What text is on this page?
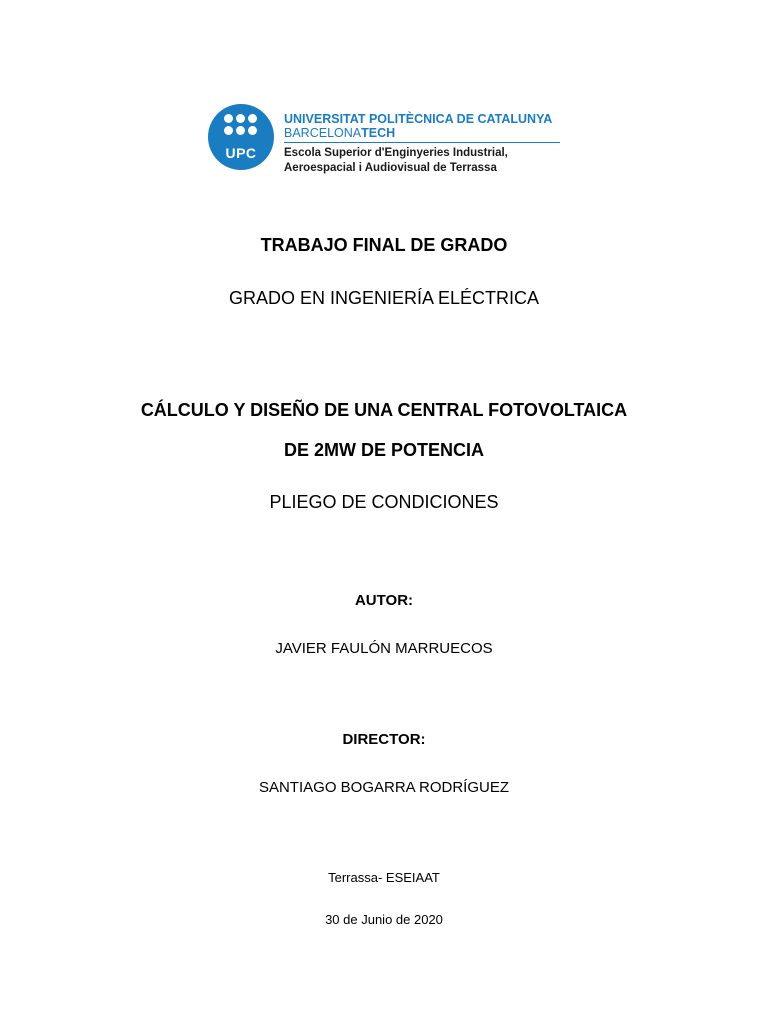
UPC
UNIVERSITAT POLITÈCNICA DE CATALUNYA
BARCELONATECH
Escola Superior d'Enginyeries Industrial,
Aeroespacial i Audiovisual de Terrassa
TRABAJO FINAL DE GRADO
GRADO EN INGENIERÍA ELÉCTRICA
CÁLCULO Y DISEÑO DE UNA CENTRAL FOTOVOLTAICA
DE 2MW DE POTENCIA
PLIEGO DE CONDICIONES
AUTOR:
JAVIER FAULÓN MARRUECOS
DIRECTOR:
SANTIAGO BOGARRA RODRÍGUEZ
Terrassa- ESEIAAT
30 de Junio de 2020
